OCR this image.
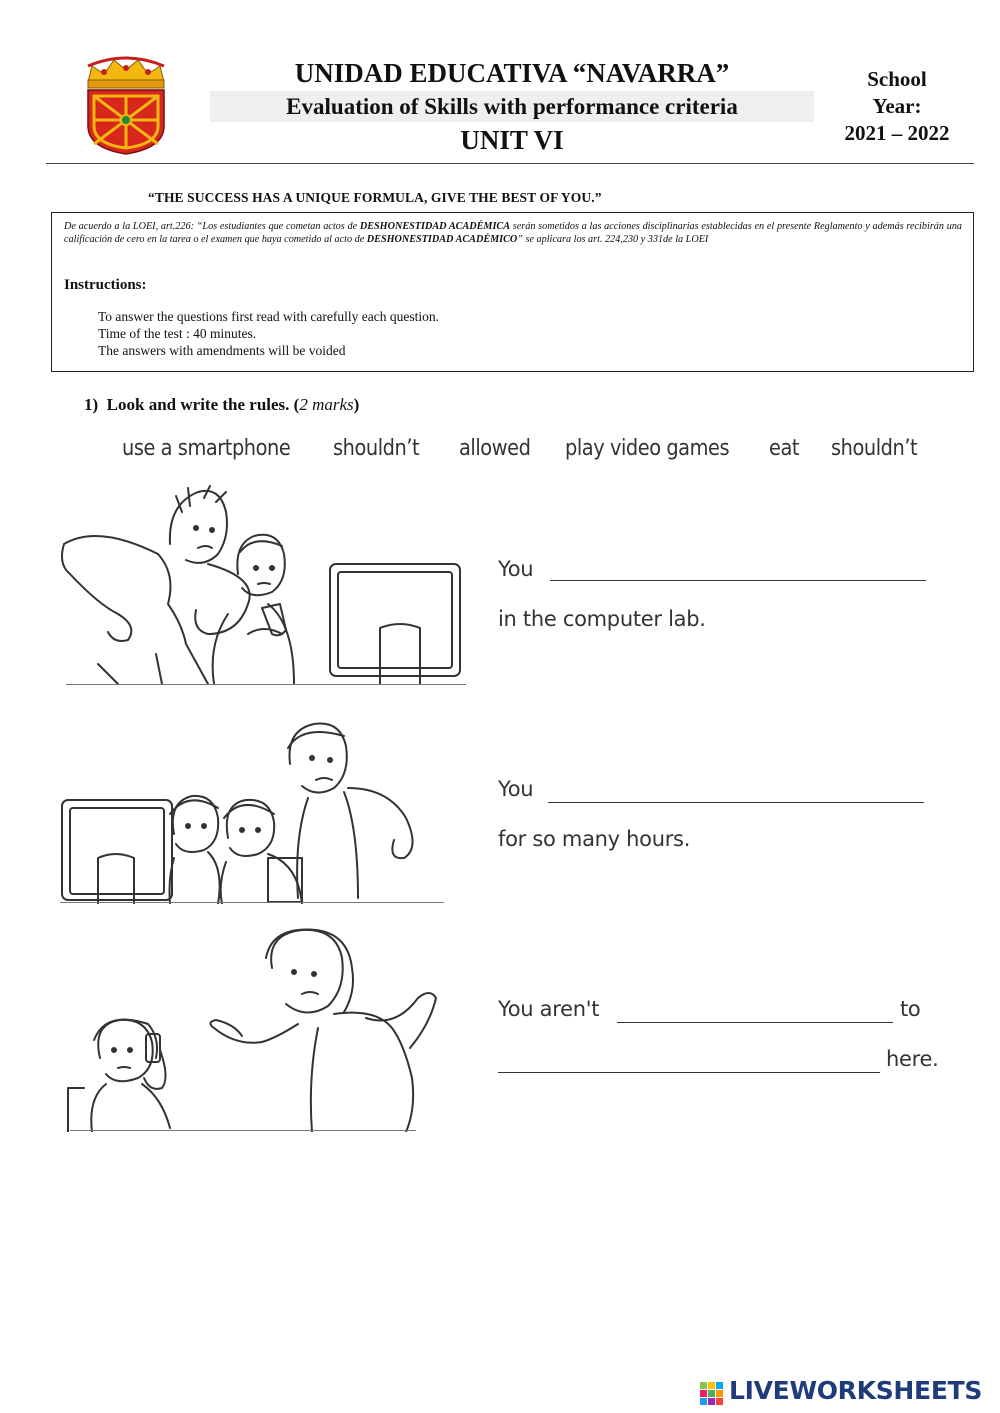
UNIDAD EDUCATIVA “NAVARRA”
Evaluation of Skills with performance criteria
UNIT VI
School
Year:
2021 – 2022
“THE SUCCESS HAS A UNIQUE FORMULA, GIVE THE BEST OF YOU.”
De acuerdo a la LOEI, art.226: “Los estudiantes que cometan actos de DESHONESTIDAD ACADÉMICA serán sometidos a las acciones disciplinarias establecidas en el presente Reglamento y además recibirán una calificación de cero en la tarea o el examen que haya cometido al acto de DESHONESTIDAD ACADÉMICO” se aplicara los art. 224,230 y 331de la LOEI
Instructions:
To answer the questions first read with carefully each question.
Time of the test : 40 minutes.
The answers with amendments will be voided
1) Look and write the rules. (2 marks)
use a smartphone shouldn’t allowed play video games eat shouldn’t
You
in the computer lab.
You
for so many hours.
You aren't	to
here.
LIVEWORKSHEETS
